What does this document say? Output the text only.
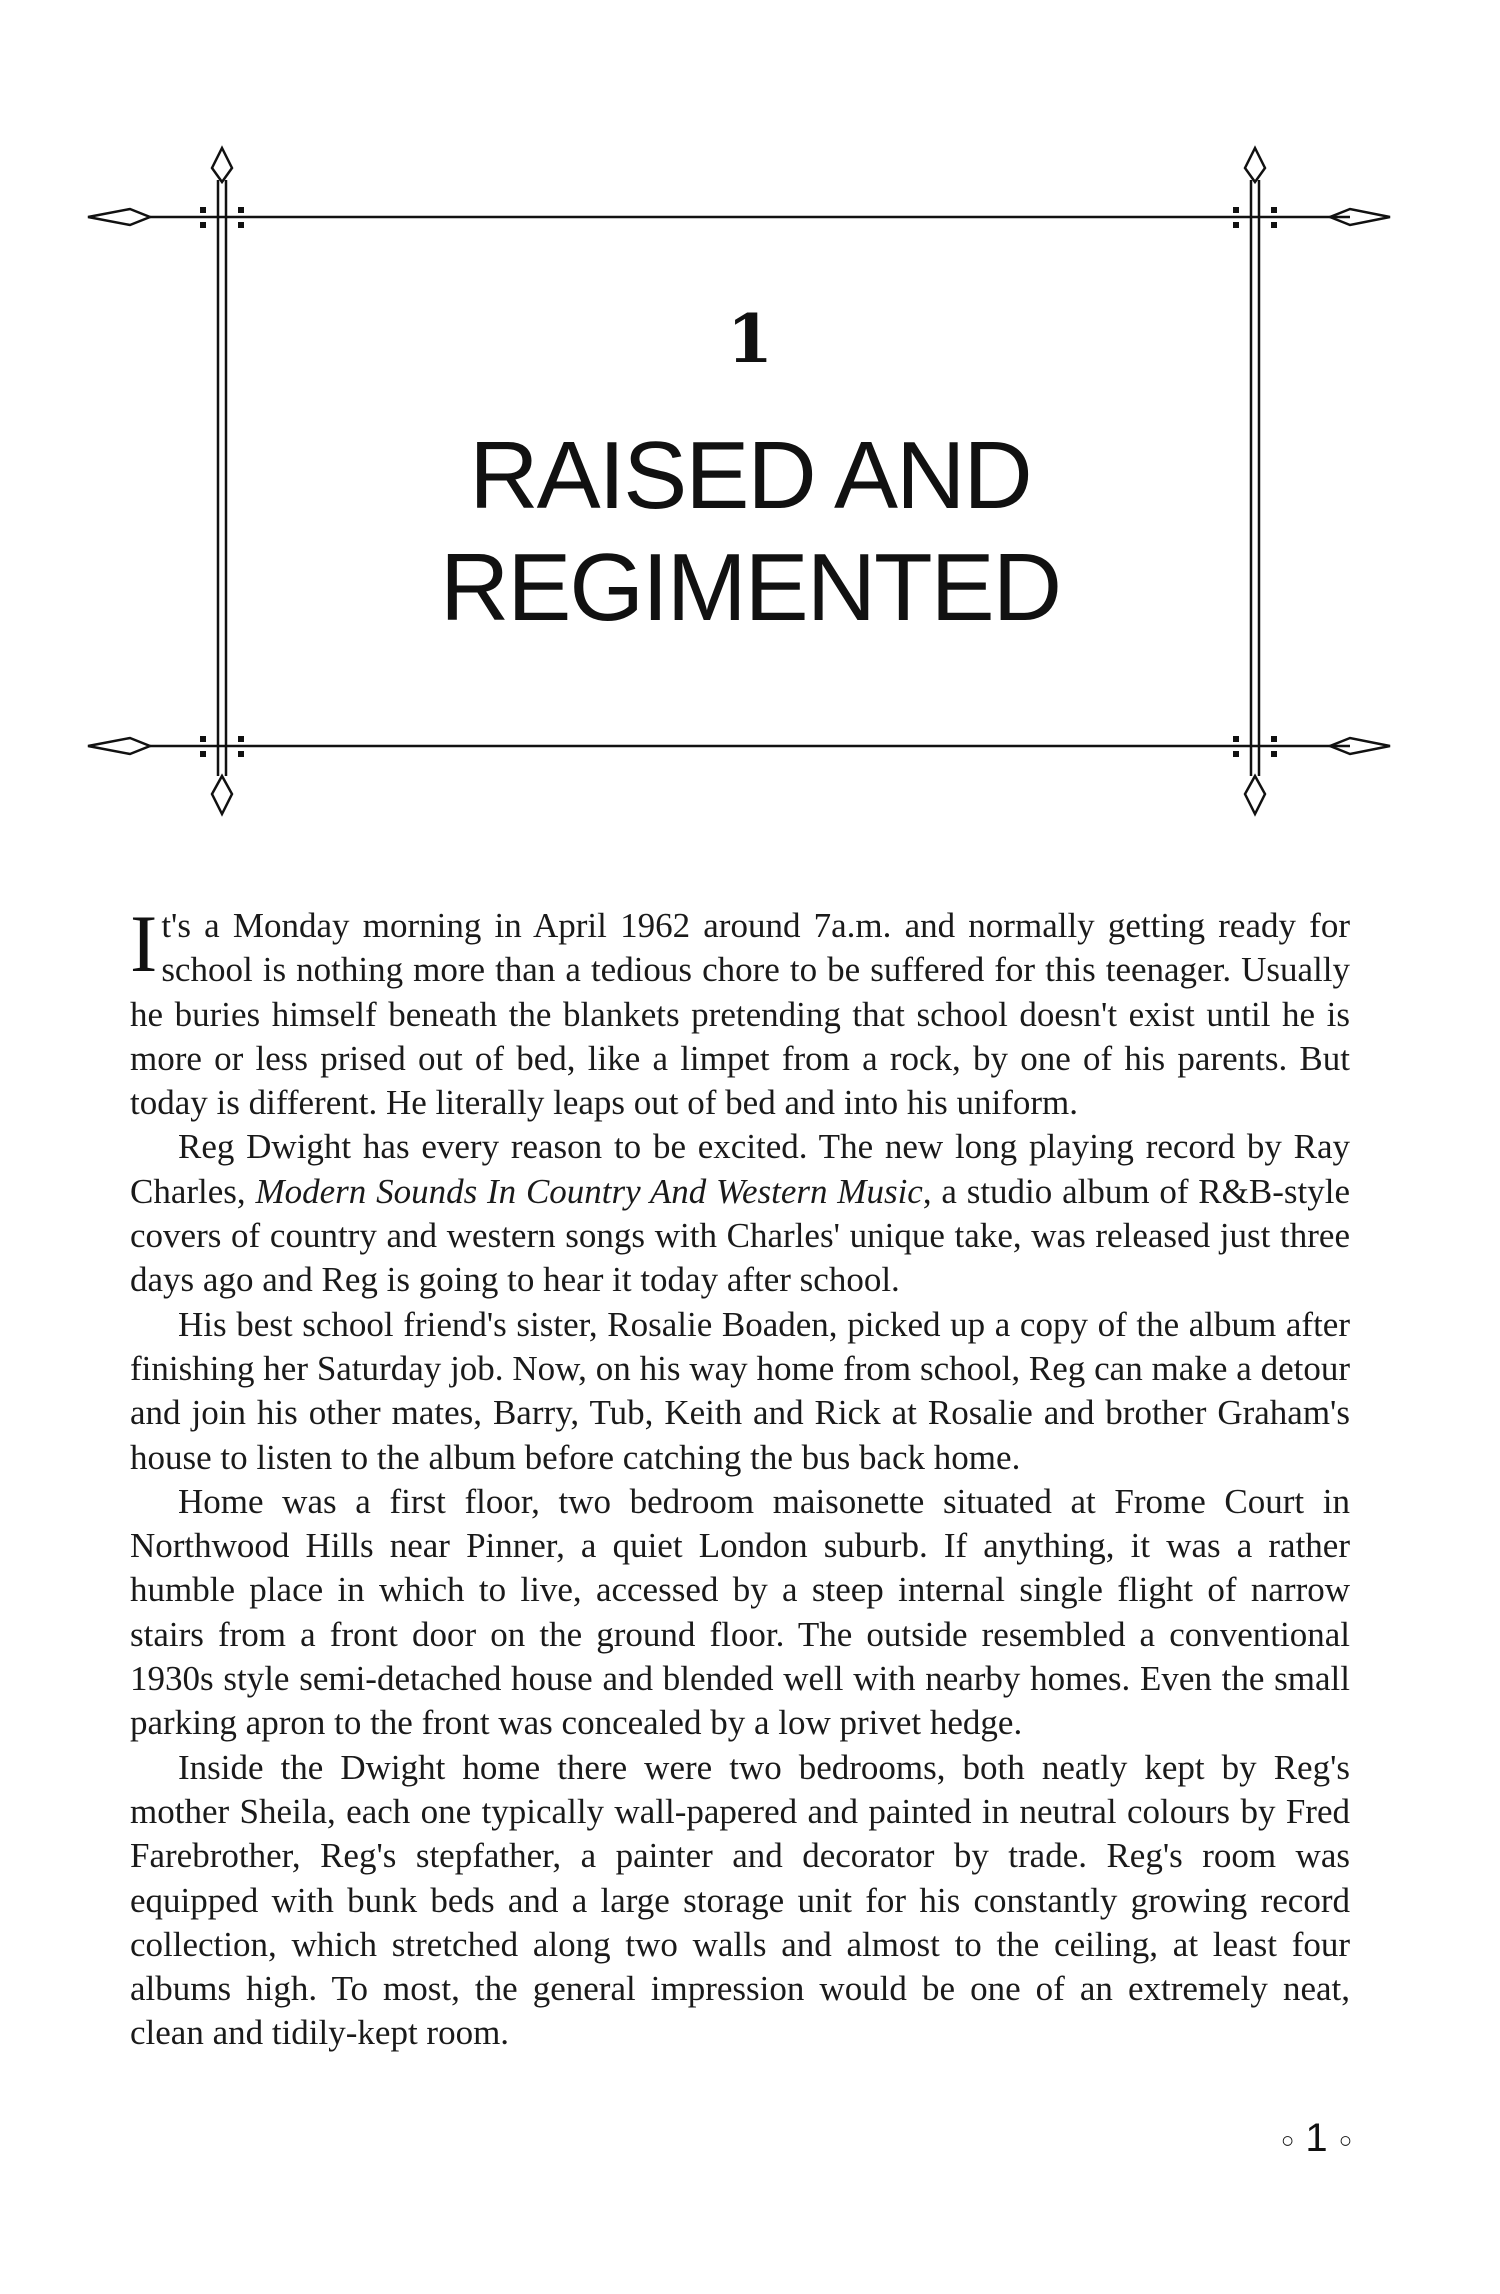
1
RAISED AND
REGIMENTED

It's a Monday morning in April 1962 around 7a.m. and normally getting ready for school is nothing more than a tedious chore to be suffered for this teenager. Usually he buries himself beneath the blankets pretending that school doesn't exist until he is more or less prised out of bed, like a limpet from a rock, by one of his parents. But today is different. He literally leaps out of bed and into his uniform.

Reg Dwight has every reason to be excited. The new long playing record by Ray Charles, Modern Sounds In Country And Western Music, a studio album of R&B-style covers of country and western songs with Charles' unique take, was released just three days ago and Reg is going to hear it today after school.

His best school friend's sister, Rosalie Boaden, picked up a copy of the album after finishing her Saturday job. Now, on his way home from school, Reg can make a detour and join his other mates, Barry, Tub, Keith and Rick at Rosalie and brother Graham's house to listen to the album before catching the bus back home.

Home was a first floor, two bedroom maisonette situated at Frome Court in Northwood Hills near Pinner, a quiet London suburb. If anything, it was a rather humble place in which to live, accessed by a steep internal single flight of narrow stairs from a front door on the ground floor. The outside resembled a conventional 1930s style semi-detached house and blended well with nearby homes. Even the small parking apron to the front was concealed by a low privet hedge.

Inside the Dwight home there were two bedrooms, both neatly kept by Reg's mother Sheila, each one typically wall-papered and painted in neutral colours by Fred Farebrother, Reg's stepfather, a painter and decorator by trade. Reg's room was equipped with bunk beds and a large storage unit for his constantly growing record collection, which stretched along two walls and almost to the ceiling, at least four albums high. To most, the general impression would be one of an extremely neat, clean and tidily-kept room.

○ 1 ○
